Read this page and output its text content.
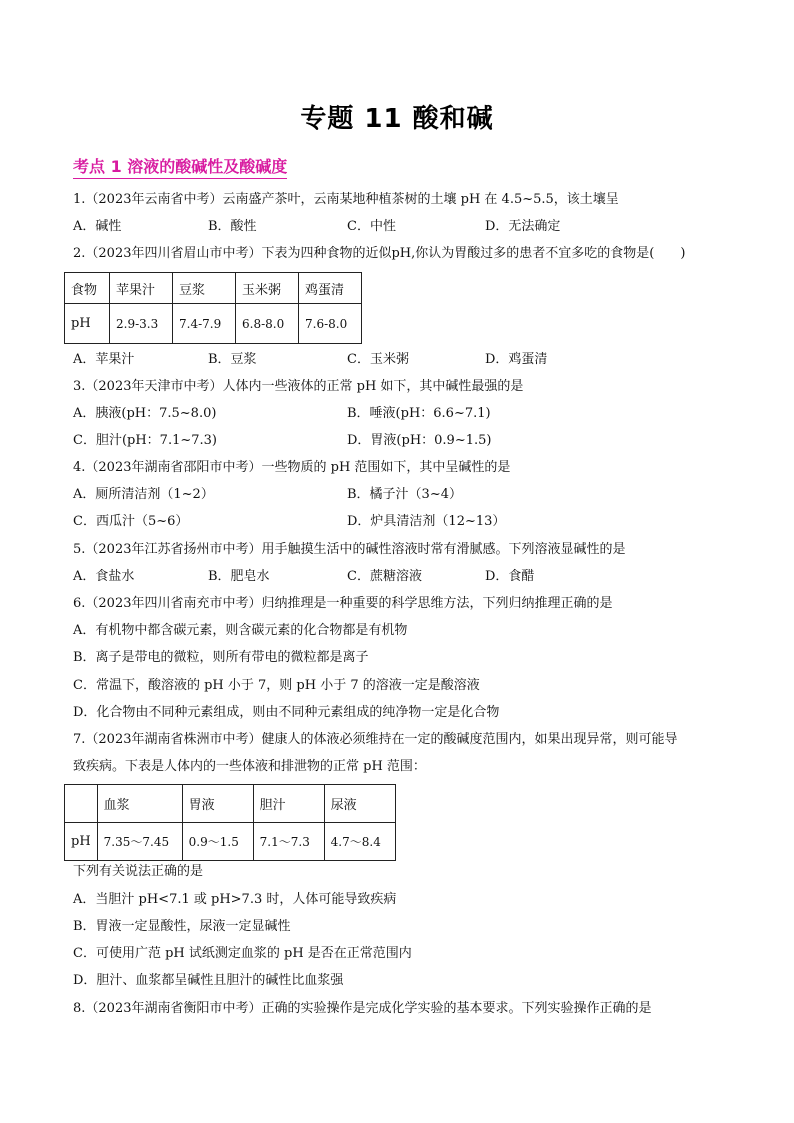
专题 11 酸和碱
考点 1 溶液的酸碱性及酸碱度
1.（2023年云南省中考）云南盛产茶叶，云南某地种植茶树的土壤 pH 在 4.5~5.5，该土壤呈
A．碱性	B．酸性	C．中性	D．无法确定
2.（2023年四川省眉山市中考）下表为四种食物的近似pH,你认为胃酸过多的患者不宜多吃的食物是(　　)
食物	苹果汁	豆浆	玉米粥	鸡蛋清
pH	2.9-3.3	7.4-7.9	6.8-8.0	7.6-8.0
A．苹果汁	B．豆浆	C．玉米粥	D．鸡蛋清
3.（2023年天津市中考）人体内一些液体的正常 pH 如下，其中碱性最强的是
A．胰液(pH：7.5~8.0)	B．唾液(pH：6.6~7.1)
C．胆汁(pH：7.1~7.3)	D．胃液(pH：0.9~1.5)
4.（2023年湖南省邵阳市中考）一些物质的 pH 范围如下，其中呈碱性的是
A．厕所清洁剂（1~2）	B．橘子汁（3~4）
C．西瓜汁（5~6）	D．炉具清洁剂（12~13）
5.（2023年江苏省扬州市中考）用手触摸生活中的碱性溶液时常有滑腻感。下列溶液显碱性的是
A．食盐水	B．肥皂水	C．蔗糖溶液	D．食醋
6.（2023年四川省南充市中考）归纳推理是一种重要的科学思维方法，下列归纳推理正确的是
A．有机物中都含碳元素，则含碳元素的化合物都是有机物
B．离子是带电的微粒，则所有带电的微粒都是离子
C．常温下，酸溶液的 pH 小于 7，则 pH 小于 7 的溶液一定是酸溶液
D．化合物由不同种元素组成，则由不同种元素组成的纯净物一定是化合物
7.（2023年湖南省株洲市中考）健康人的体液必须维持在一定的酸碱度范围内，如果出现异常，则可能导
致疾病。下表是人体内的一些体液和排泄物的正常 pH 范围：
	血浆	胃液	胆汁	尿液
pH	7.35～7.45	0.9～1.5	7.1～7.3	4.7～8.4
下列有关说法正确的是
A．当胆汁 pH<7.1 或 pH>7.3 时，人体可能导致疾病
B．胃液一定显酸性，尿液一定显碱性
C．可使用广范 pH 试纸测定血浆的 pH 是否在正常范围内
D．胆汁、血浆都呈碱性且胆汁的碱性比血浆强
8.（2023年湖南省衡阳市中考）正确的实验操作是完成化学实验的基本要求。下列实验操作正确的是
